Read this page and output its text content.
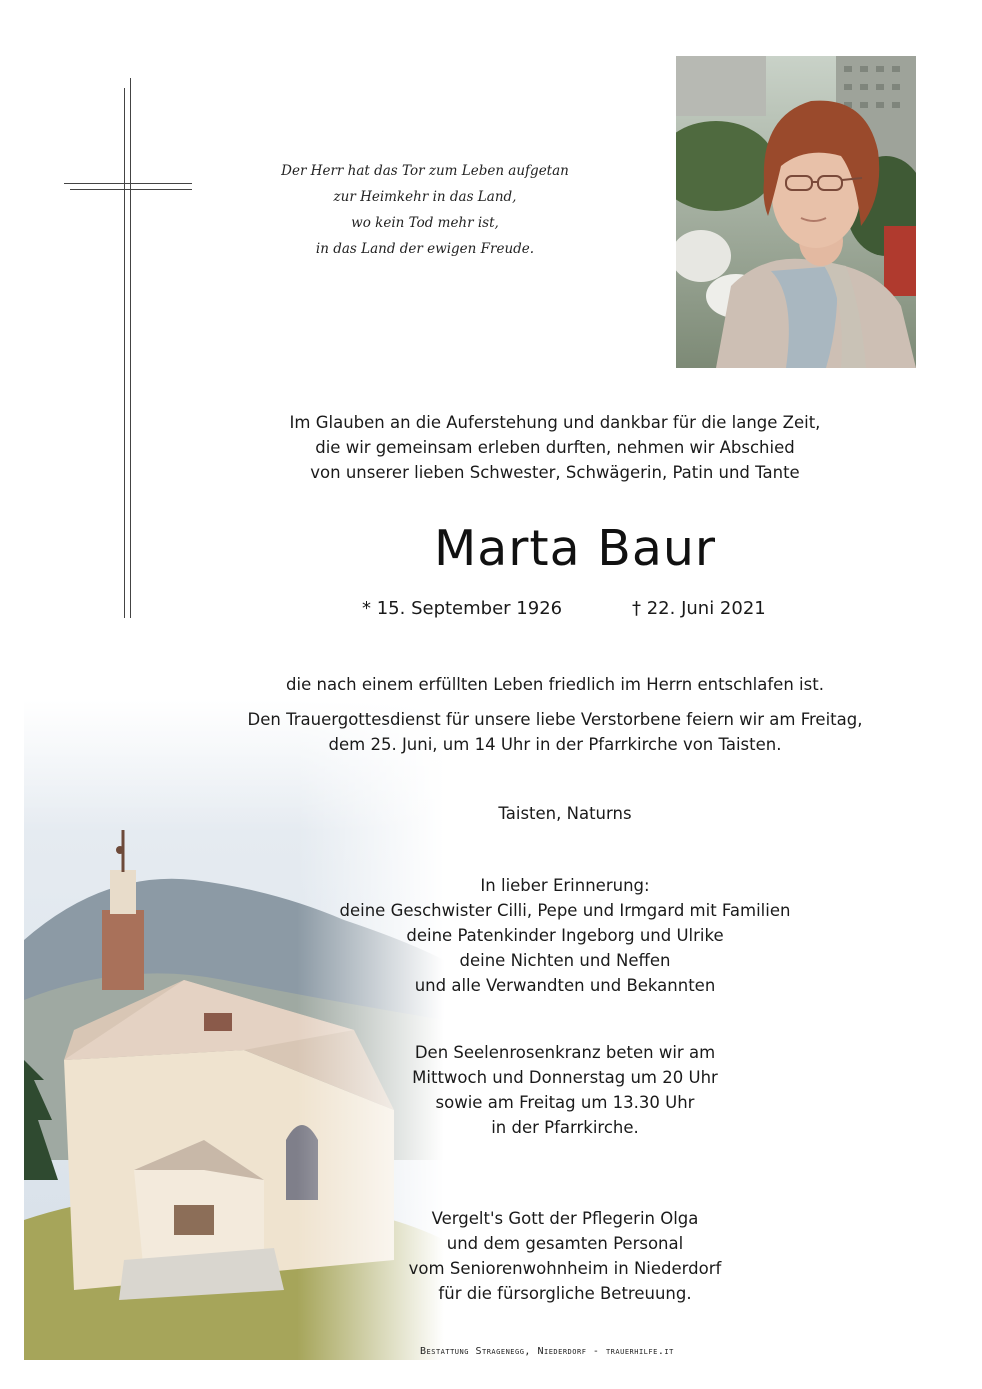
Der Herr hat das Tor zum Leben aufgetan
zur Heimkehr in das Land,
wo kein Tod mehr ist,
in das Land der ewigen Freude.
Im Glauben an die Auferstehung und dankbar für die lange Zeit,
die wir gemeinsam erleben durften, nehmen wir Abschied
von unserer lieben Schwester, Schwägerin, Patin und Tante
Marta Baur
* 15. September 1926	† 22. Juni 2021
die nach einem erfüllten Leben friedlich im Herrn entschlafen ist.
Den Trauergottesdienst für unsere liebe Verstorbene feiern wir am Freitag,
dem 25. Juni, um 14 Uhr in der Pfarrkirche von Taisten.
Taisten, Naturns
In lieber Erinnerung:
deine Geschwister Cilli, Pepe und Irmgard mit Familien
deine Patenkinder Ingeborg und Ulrike
deine Nichten und Neffen
und alle Verwandten und Bekannten
Den Seelenrosenkranz beten wir am
Mittwoch und Donnerstag um 20 Uhr
sowie am Freitag um 13.30 Uhr
in der Pfarrkirche.
Vergelt's Gott der Pflegerin Olga
und dem gesamten Personal
vom Seniorenwohnheim in Niederdorf
für die fürsorgliche Betreuung.
Bestattung Stragenegg, Niederdorf - trauerhilfe.it
